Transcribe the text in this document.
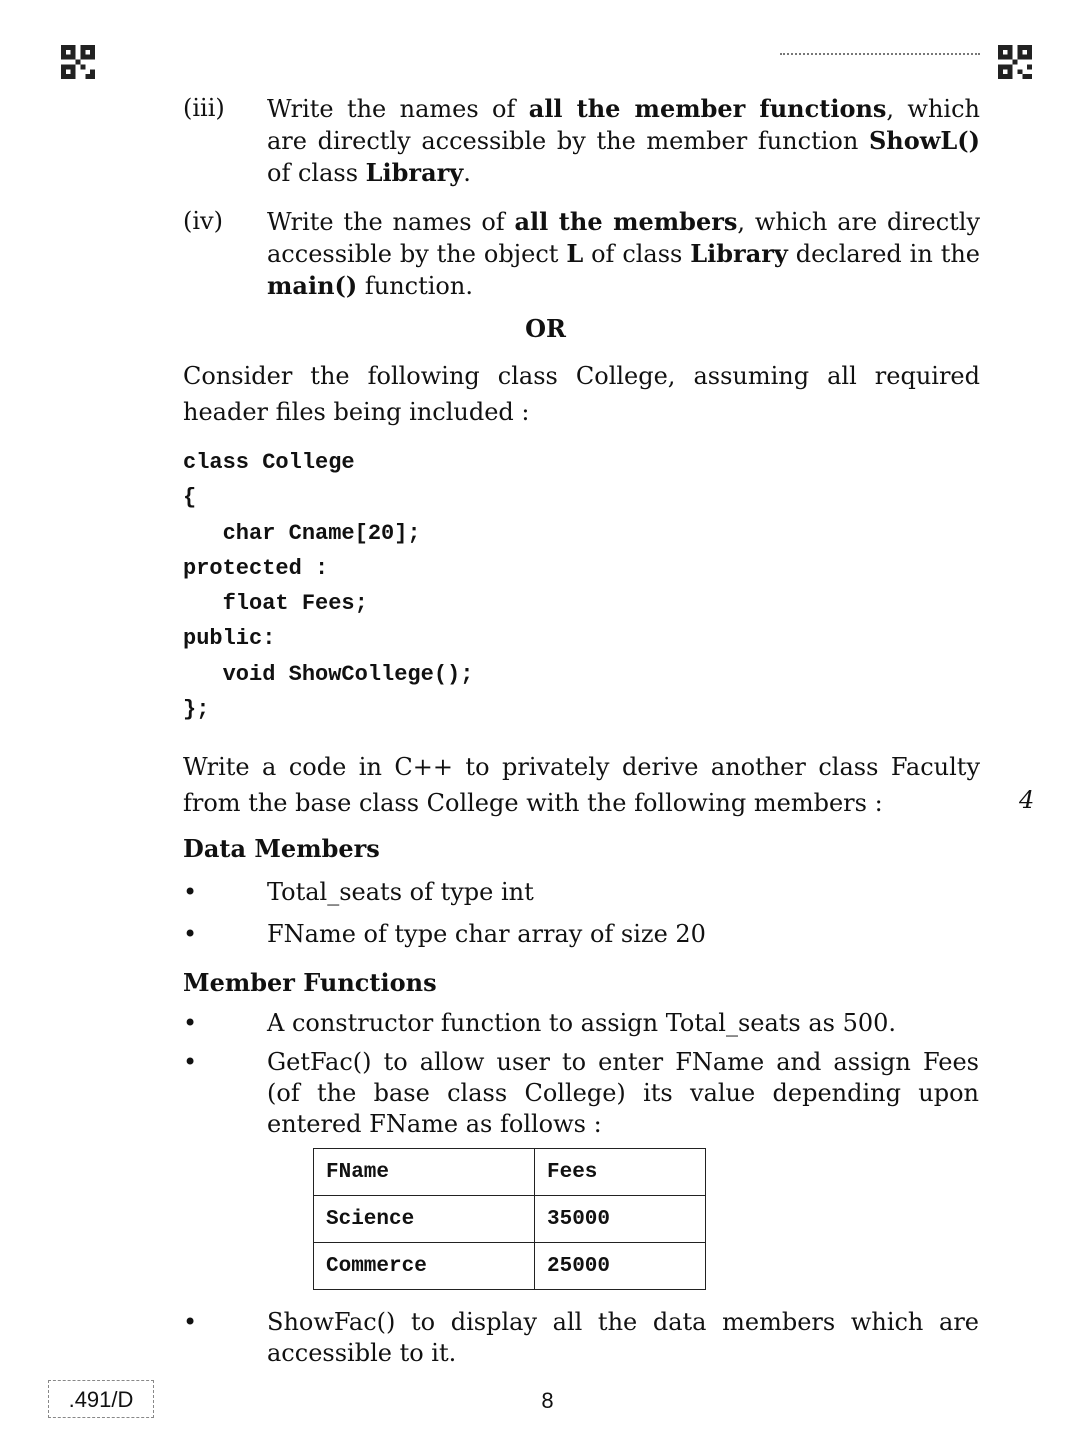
(iii) Write the names of all the member functions, which are directly accessible by the member function ShowL() of class Library.
(iv) Write the names of all the members, which are directly accessible by the object L of class Library declared in the main() function.
OR
Consider the following class College, assuming all required header files being included :
class College
{
char Cname[20];
protected :
float Fees;
public:
void ShowCollege();
};
Write a code in C++ to privately derive another class Faculty from the base class College with the following members :	4
Data Members
•	Total_seats of type int
•	FName of type char array of size 20
Member Functions
•	A constructor function to assign Total_seats as 500.
•	GetFac() to allow user to enter FName and assign Fees (of the base class College) its value depending upon entered FName as follows :
FName	Fees
Science	35000
Commerce	25000
•	ShowFac() to display all the data members which are accessible to it.
.491/D	8
